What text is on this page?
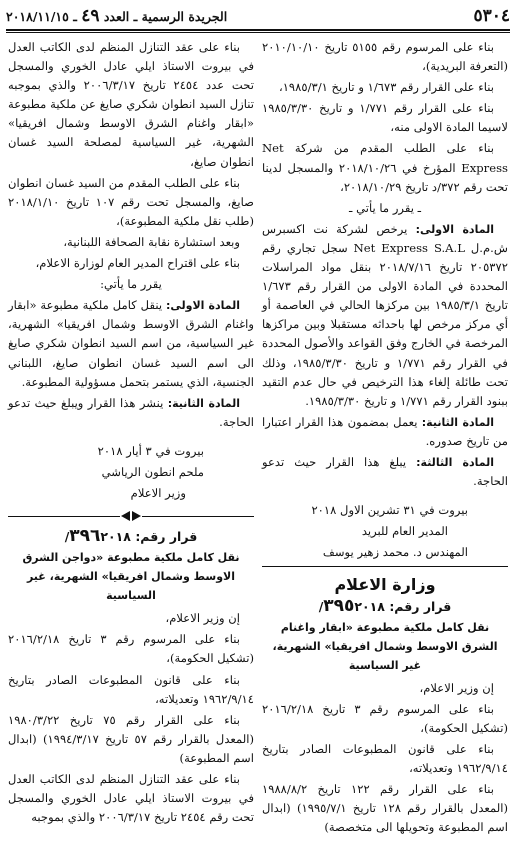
٥٣٠٤
الجريدة الرسمية ـ العدد ٤٩ ـ ٢٠١٨/١١/١٥

بناء على المرسوم رقم ٥١٥٥ تاريخ ٢٠١٠/١٠/١٠ (التعرفة البريدية)،

بناء على القرار رقم ١/٦٧٣ و تاريخ ١٩٨٥/٣/١،

بناء على القرار رقم ١/٧٧١ و تاريخ ١٩٨٥/٣/٣٠ لاسيما المادة الاولى منه،

بناء على الطلب المقدم من شركة Net Express المؤرخ في ٢٠١٨/١٠/٢٦ والمسجل لدينا تحت رقم ٣٧٢/د تاريخ ٢٠١٨/١٠/٢٩،

ـ يقرر ما يأتي ـ

المادة الاولى: يرخص لشركة نت اكسبرس ش.م.ل Net Express S.A.L سجل تجاري رقم ٢٠٥٣٧٢ تاريخ ٢٠١٨/٧/١٦ بنقل مواد المراسلات المحددة في المادة الاولى من القرار رقم ١/٦٧٣ تاريخ ١٩٨٥/٣/١ بين مركزها الحالي في العاصمة أو أي مركز مرخص لها باحداثه مستقبلا وبين مراكزها المرخصة في الخارج وفق القواعد والأصول المحددة في القرار رقم ١/٧٧١ و تاريخ ١٩٨٥/٣/٣٠، وذلك تحت طائلة إلغاء هذا الترخيص في حال عدم التقيد ببنود القرار رقم ١/٧٧١ و تاريخ ١٩٨٥/٣/٣٠.

المادة الثانية: يعمل بمضمون هذا القرار اعتبارا من تاريخ صدوره.

المادة الثالثة: يبلغ هذا القرار حيث تدعو الحاجة.

بيروت في ٣١ تشرين الاول ٢٠١٨

المدير العام للبريد

المهندس د. محمد زهير يوسف

وزارة الاعلام
قرار رقم: ٣٩٥٢٠١٨/
نقل كامل ملكية مطبوعة «ابقار واغنام الشرق الاوسط وشمال افريقيا» الشهرية، غير السياسية

إن وزير الاعلام،

بناء على المرسوم رقم ٣ تاريخ ٢٠١٦/٢/١٨ (تشكيل الحكومة)،

بناء على قانون المطبوعات الصادر بتاريخ ١٩٦٢/٩/١٤ وتعديلاته،

بناء على القرار رقم ١٢٢ تاريخ ١٩٨٨/٨/٢ (المعدل بالقرار رقم ١٢٨ تاريخ ١٩٩٥/٧/١) (ابدال اسم المطبوعة وتحويلها الى متخصصة)

بناء على عقد التنازل المنظم لدى الكاتب العدل في بيروت الاستاذ ايلي عادل الخوري والمسجل تحت عدد ٢٤٥٤ تاريخ ٢٠٠٦/٣/١٧ والذي بموجبه تنازل السيد انطوان شكري صايغ عن ملكية مطبوعة «ابقار واغنام الشرق الاوسط وشمال افريقيا» الشهرية، غير السياسية لمصلحة السيد غسان انطوان صايغ،

بناء على الطلب المقدم من السيد غسان انطوان صايغ، والمسجل تحت رقم ١٠٧ تاريخ ٢٠١٨/١/١٠ (طلب نقل ملكية المطبوعة)،

وبعد استشارة نقابة الصحافة اللبنانية،

بناء على اقتراح المدير العام لوزارة الاعلام،

يقرر ما يأتي:

المادة الاولى: ينقل كامل ملكية مطبوعة «ابقار واغنام الشرق الاوسط وشمال افريقيا» الشهرية، غير السياسية، من اسم السيد انطوان شكري صايغ الى اسم السيد غسان انطوان صايغ، اللبناني الجنسية، الذي يستمر بتحمل مسؤولية المطبوعة.

المادة الثانية: ينشر هذا القرار ويبلغ حيث تدعو الحاجة.

بيروت في ٣ أيار ٢٠١٨

ملحم انطون الرياشي

وزير الاعلام

قرار رقم: ٣٩٦٢٠١٨/
نقل كامل ملكية مطبوعة «دواجن الشرق الاوسط وشمال افريقيا» الشهرية، غير السياسية

إن وزير الاعلام،

بناء على المرسوم رقم ٣ تاريخ ٢٠١٦/٢/١٨ (تشكيل الحكومة)،

بناء على قانون المطبوعات الصادر بتاريخ ١٩٦٢/٩/١٤ وتعديلاته،

بناء على القرار رقم ٧٥ تاريخ ١٩٨٠/٣/٢٢ (المعدل بالقرار رقم ٥٧ تاريخ ١٩٩٤/٣/١٧) (ابدال اسم المطبوعة)

بناء على عقد التنازل المنظم لدى الكاتب العدل في بيروت الاستاذ ايلي عادل الخوري والمسجل تحت رقم ٢٤٥٤ تاريخ ٢٠٠٦/٣/١٧ والذي بموجبه
